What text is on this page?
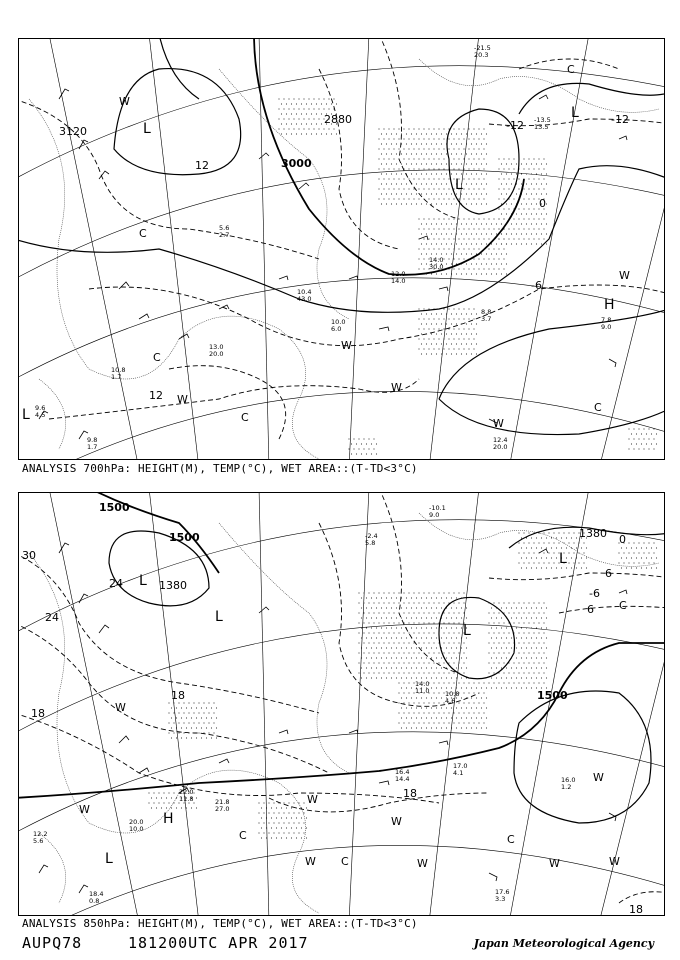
3120
3000
2880
12
12
0
-6
-12	-12
L
L
L
H
L
W
W
W
W
W
W
C
C
C
C
C
12.4
20.0
7.8
9.0
8.8
3.7
10.0
6.0
14.0
30.0
10.8
1.7
9.6
4.5
9.8
1.7
13.0
20.0
10.4
43.0
12.0
14.0
-13.5
13.5
-21.5
20.3
5.6
2.7
ANALYSIS 700hPa: HEIGHT(M), TEMP(°C), WET AREA::(T-TD<3°C)
1500
1500
1380
1380
1500
30
24
24
18
18
18
18
6
6
0
-6
L
L
L
H
L
L
W
W
W
W
W
W	W	W
W
C
C
C
C
17.6
3.3
16.0
1.2
17.0
4.1
16.4
14.4
20.0
10.0
18.4
0.8
12.2
5.6
22.0
11.8	21.8
27.0
14.0
11.0 10.8
4.6
-10.1
9.0
-2.4
5.8
ANALYSIS 850hPa: HEIGHT(M), TEMP(°C), WET AREA::(T-TD<3°C)
AUPQ78	181200UTC APR 2017	Japan Meteorological Agency
